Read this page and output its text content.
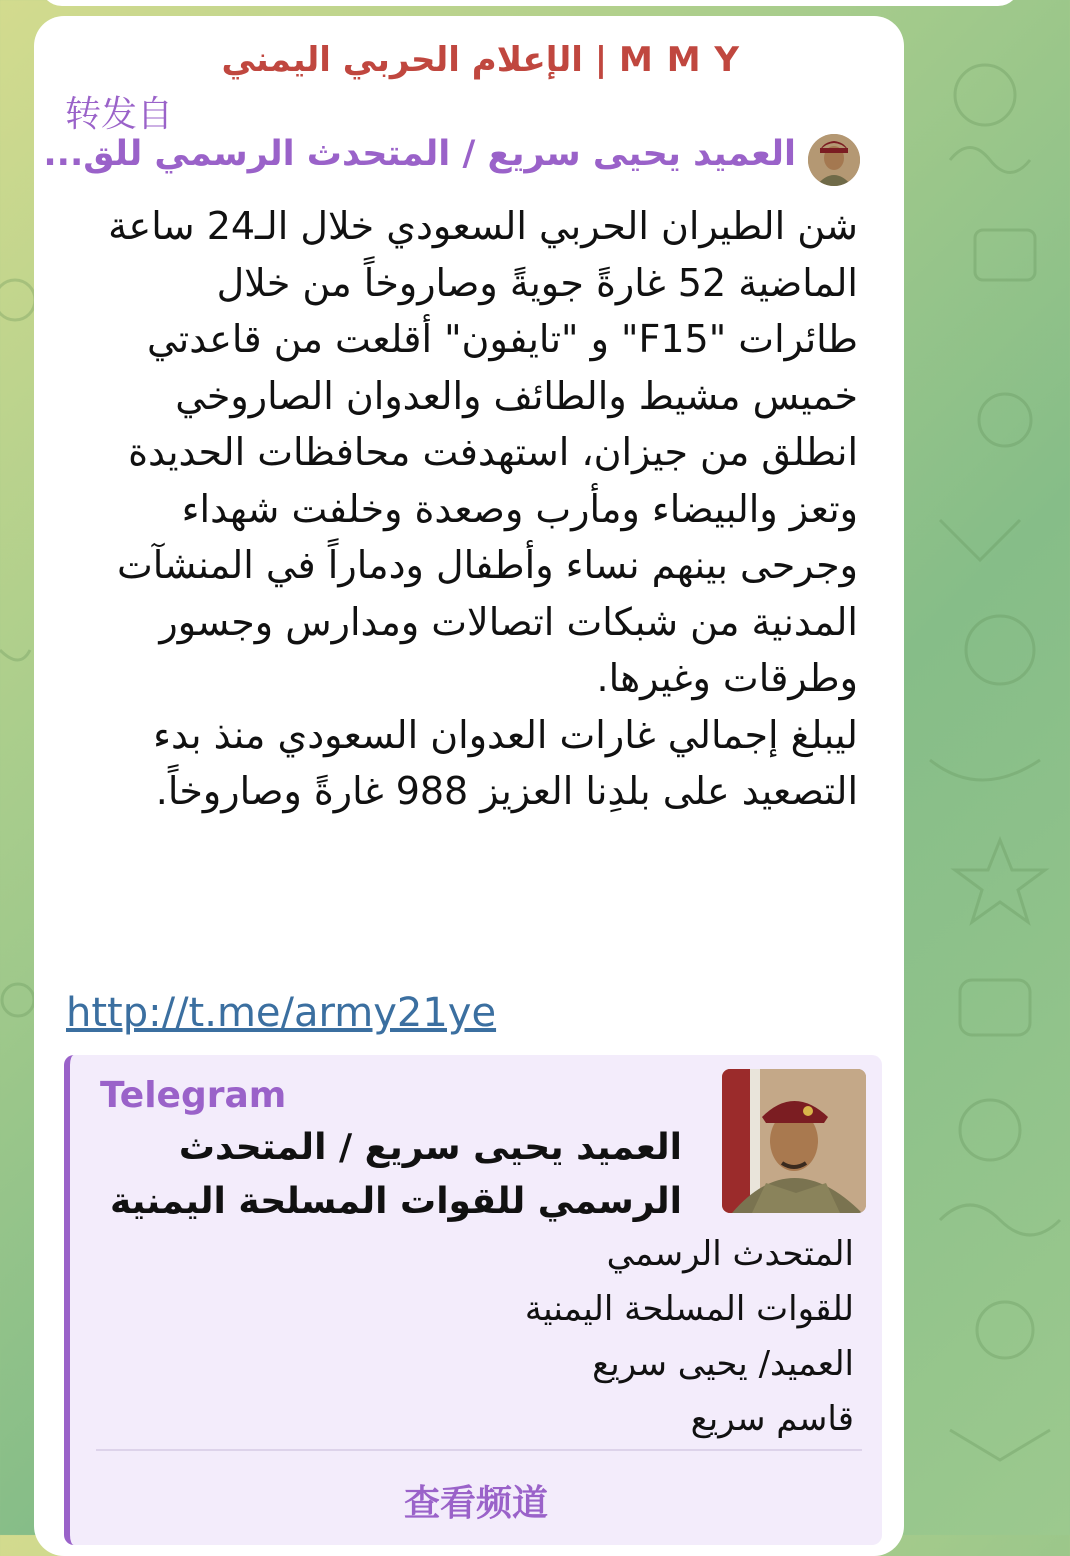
الإعلام الحربي اليمني | M M Y
转发自
العميد يحيى سريع / المتحدث الرسمي للق...

شن الطيران الحربي السعودي خلال الـ24 ساعة الماضية 52 غارةً جويةً وصاروخاً من خلال طائرات "F15" و "تايفون" أقلعت من قاعدتي خميس مشيط والطائف والعدوان الصاروخي انطلق من جيزان، استهدفت محافظات الحديدة وتعز والبيضاء ومأرب وصعدة وخلفت شهداء وجرحى بينهم نساء وأطفال ودماراً في المنشآت المدنية من شبكات اتصالات ومدارس وجسور وطرقات وغيرها.

ليبلغ إجمالي غارات العدوان السعودي منذ بدء التصعيد على بلدِنا العزيز 988 غارةً وصاروخاً.

http://t.me/army21ye
Telegram
العميد يحيى سريع / المتحدث
الرسمي للقوات المسلحة اليمنية
المتحدث الرسمي
للقوات المسلحة اليمنية
العميد/ يحيى سريع
قاسم سريع
查看频道
